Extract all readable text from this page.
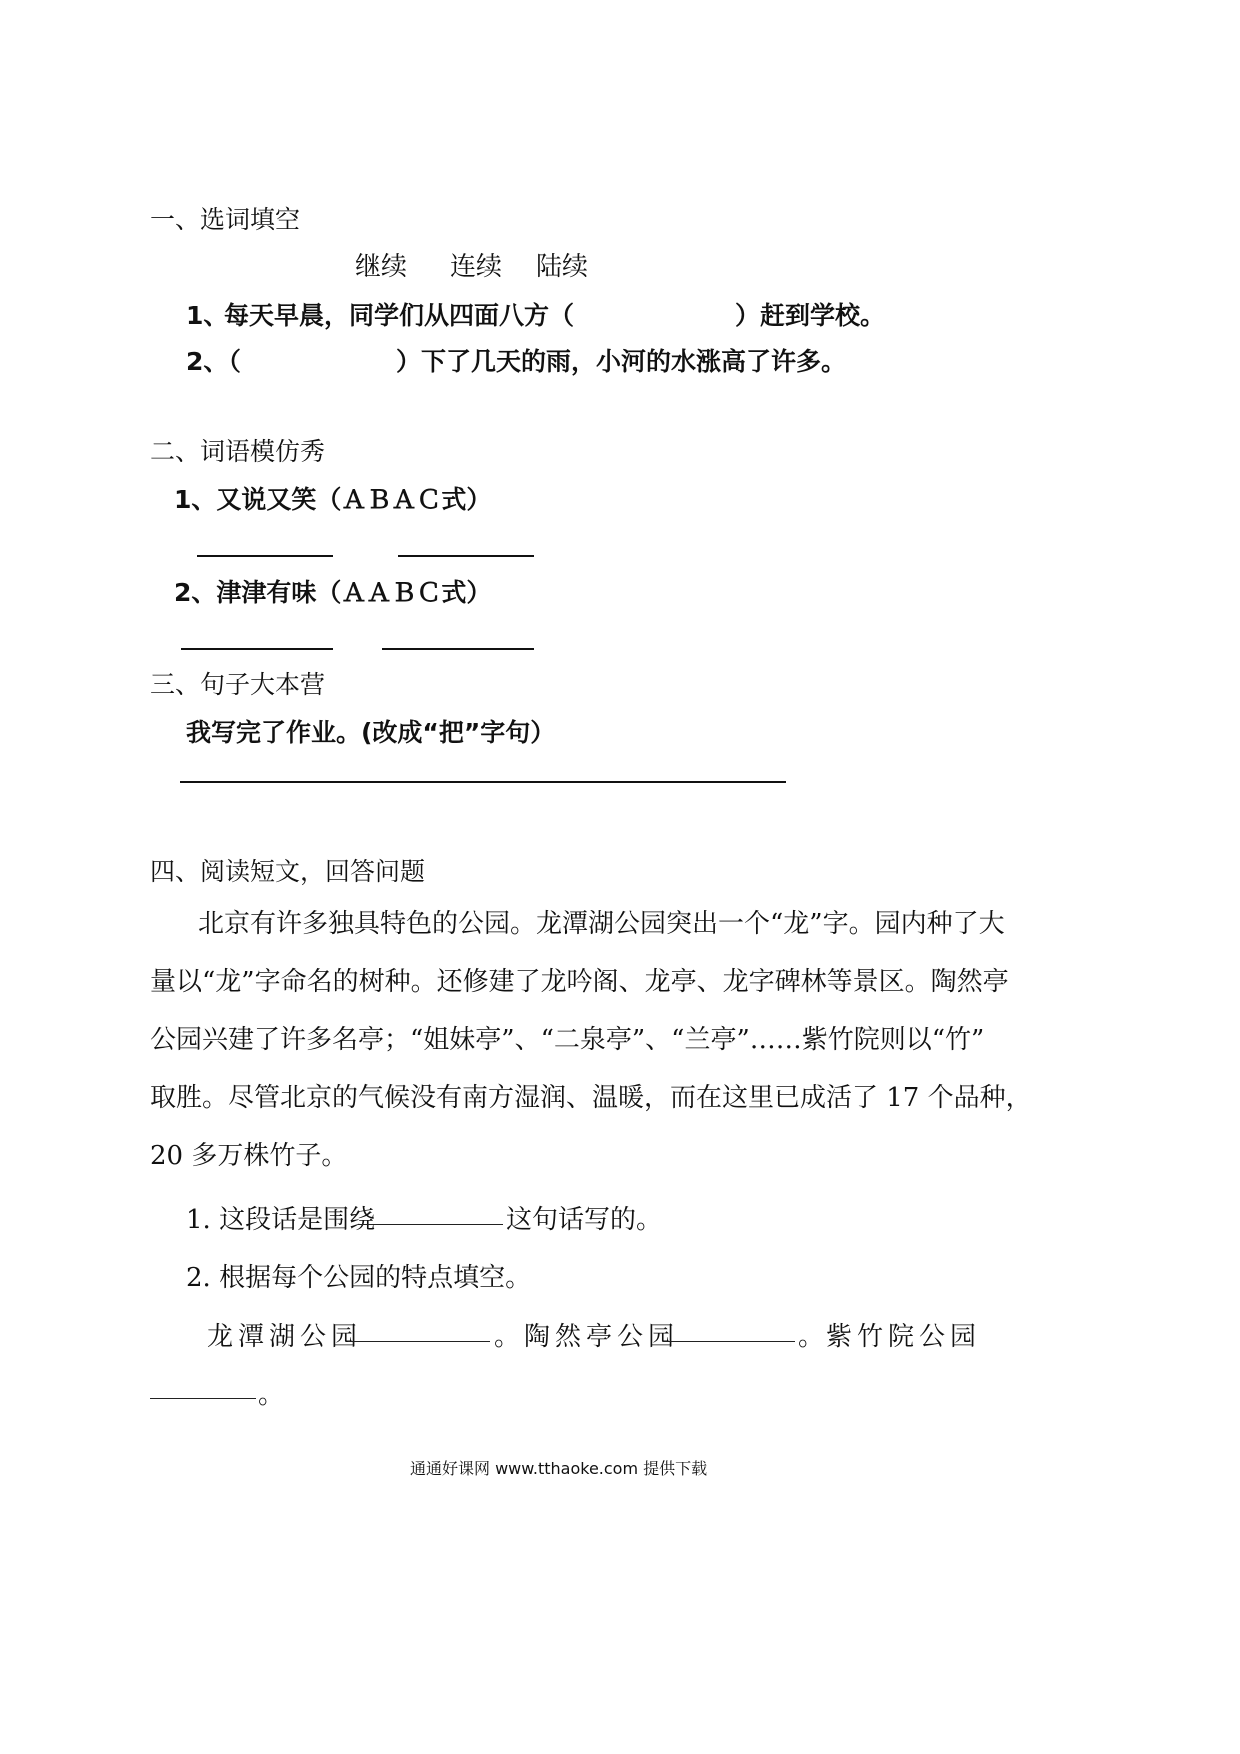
一、选词填空
继续 连续 陆续
1、
每天早晨，同学们从四面八方（	）赶到学校。
2、（	）下了几天的雨，小河的水涨高了许多。
二、词语模仿秀
1、又说又笑（ＡＢＡＣ式）
2、津津有味（ＡＡＢＣ式）
三、句子大本营
我写完了作业。(改成“把”字句）
四、阅读短文，回答问题
北京有许多独具特色的公园。龙潭湖公园突出一个“龙”字。园内种了大
量以“龙”字命名的树种。还修建了龙吟阁、龙亭、龙字碑林等景区。陶然亭
公园兴建了许多名亭；“姐妹亭”、“二泉亭”、“兰亭”……紫竹院则以“竹”
取胜。尽管北京的气候没有南方湿润、温暖，而在这里已成活了 17 个品种，
20 多万株竹子。
1. 这段话是围绕	这句话写的。
2. 根据每个公园的特点填空。
龙潭湖公园	。 陶然亭公园	。 紫竹院公园
。
通通好课网 www.tthaoke.com 提供下载
